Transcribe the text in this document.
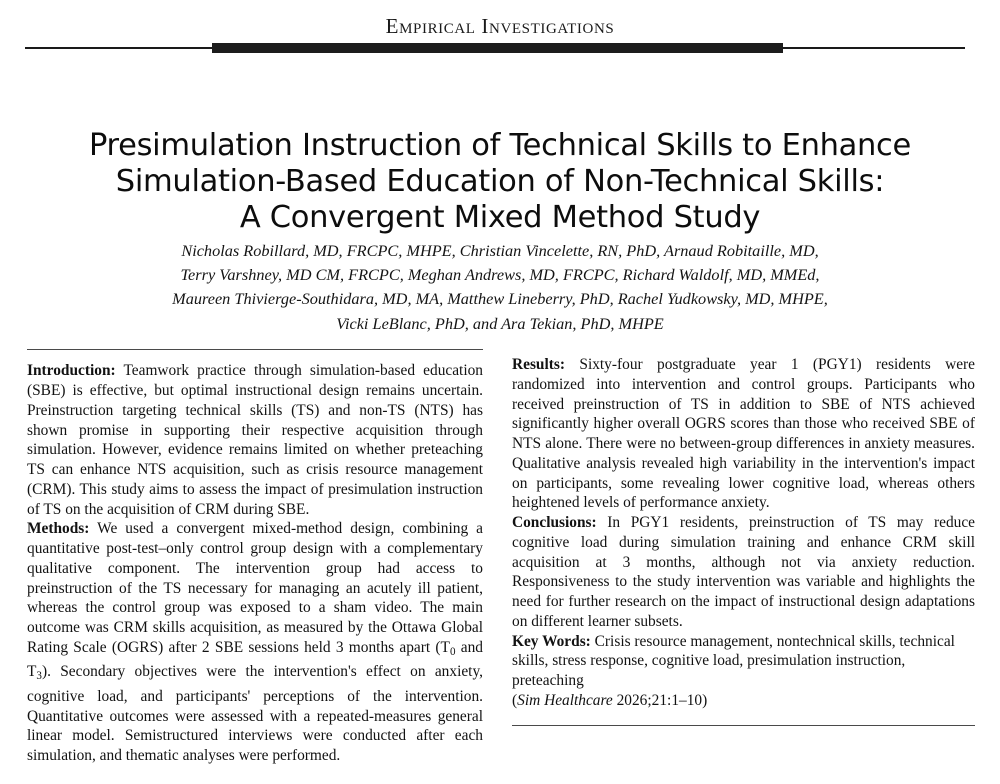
Empirical Investigations
Presimulation Instruction of Technical Skills to Enhance
Simulation-Based Education of Non-Technical Skills:
A Convergent Mixed Method Study
Nicholas Robillard, MD, FRCPC, MHPE, Christian Vincelette, RN, PhD, Arnaud Robitaille, MD,
Terry Varshney, MD CM, FRCPC, Meghan Andrews, MD, FRCPC, Richard Waldolf, MD, MMEd,
Maureen Thivierge-Southidara, MD, MA, Matthew Lineberry, PhD, Rachel Yudkowsky, MD, MHPE,
Vicki LeBlanc, PhD, and Ara Tekian, PhD, MHPE

Introduction: Teamwork practice through simulation-based education (SBE) is effective, but optimal instructional design remains uncertain. Preinstruction targeting technical skills (TS) and non-TS (NTS) has shown promise in supporting their respective acquisition through simulation. However, evidence remains limited on whether preteaching TS can enhance NTS acquisition, such as crisis resource management (CRM). This study aims to assess the impact of presimulation instruction of TS on the acquisition of CRM during SBE.

Methods: We used a convergent mixed-method design, combining a quantitative post-test–only control group design with a complementary qualitative component. The intervention group had access to preinstruction of the TS necessary for managing an acutely ill patient, whereas the control group was exposed to a sham video. The main outcome was CRM skills acquisition, as measured by the Ottawa Global Rating Scale (OGRS) after 2 SBE sessions held 3 months apart ($T_0$ and $T_3$). Secondary objectives were the intervention's effect on anxiety, cognitive load, and participants' perceptions of the intervention. Quantitative outcomes were assessed with a repeated-measures general linear model. Semistructured interviews were conducted after each simulation, and thematic analyses were performed.

Results: Sixty-four postgraduate year 1 (PGY1) residents were randomized into intervention and control groups. Participants who received preinstruction of TS in addition to SBE of NTS achieved significantly higher overall OGRS scores than those who received SBE of NTS alone. There were no between-group differences in anxiety measures. Qualitative analysis revealed high variability in the intervention's impact on participants, some revealing lower cognitive load, whereas others heightened levels of performance anxiety.

Conclusions: In PGY1 residents, preinstruction of TS may reduce cognitive load during simulation training and enhance CRM skill acquisition at 3 months, although not via anxiety reduction. Responsiveness to the study intervention was variable and highlights the need for further research on the impact of instructional design adaptations on different learner subsets.

Key Words: Crisis resource management, nontechnical skills, technical skills, stress response, cognitive load, presimulation instruction, preteaching

(Sim Healthcare 2026;21:1–10)
